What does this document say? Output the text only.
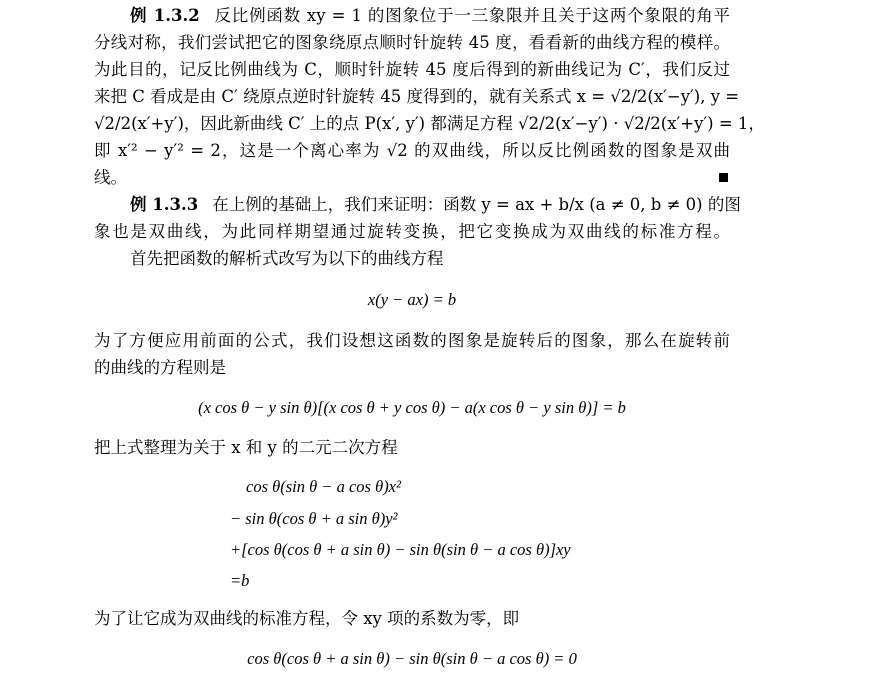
例 1.3.2 反比例函数 xy = 1 的图象位于一三象限并且关于这两个象限的角平
分线对称，我们尝试把它的图象绕原点顺时针旋转 45 度，看看新的曲线方程的模样。
为此目的，记反比例曲线为 C，顺时针旋转 45 度后得到的新曲线记为 C′，我们反过
来把 C 看成是由 C′ 绕原点逆时针旋转 45 度得到的，就有关系式 x = √2/2(x′−y′), y =
√2/2(x′+y′)，因此新曲线 C′ 上的点 P(x′, y′) 都满足方程 √2/2(x′−y′) · √2/2(x′+y′) = 1，
即 x′² − y′² = 2，这是一个离心率为 √2 的双曲线，所以反比例函数的图象是双曲
线。
例 1.3.3 在上例的基础上，我们来证明：函数 y = ax + b/x (a ≠ 0, b ≠ 0) 的图
象也是双曲线，为此同样期望通过旋转变换，把它变换成为双曲线的标准方程。
首先把函数的解析式改写为以下的曲线方程
x(y − ax) = b
为了方便应用前面的公式，我们设想这函数的图象是旋转后的图象，那么在旋转前
的曲线的方程则是
(x cos θ − y sin θ)[(x cos θ + y cos θ) − a(x cos θ − y sin θ)] = b
把上式整理为关于 x 和 y 的二元二次方程
cos θ(sin θ − a cos θ)x²
− sin θ(cos θ + a sin θ)y²
+[cos θ(cos θ + a sin θ) − sin θ(sin θ − a cos θ)]xy
=b
为了让它成为双曲线的标准方程，令 xy 项的系数为零，即
cos θ(cos θ + a sin θ) − sin θ(sin θ − a cos θ) = 0
